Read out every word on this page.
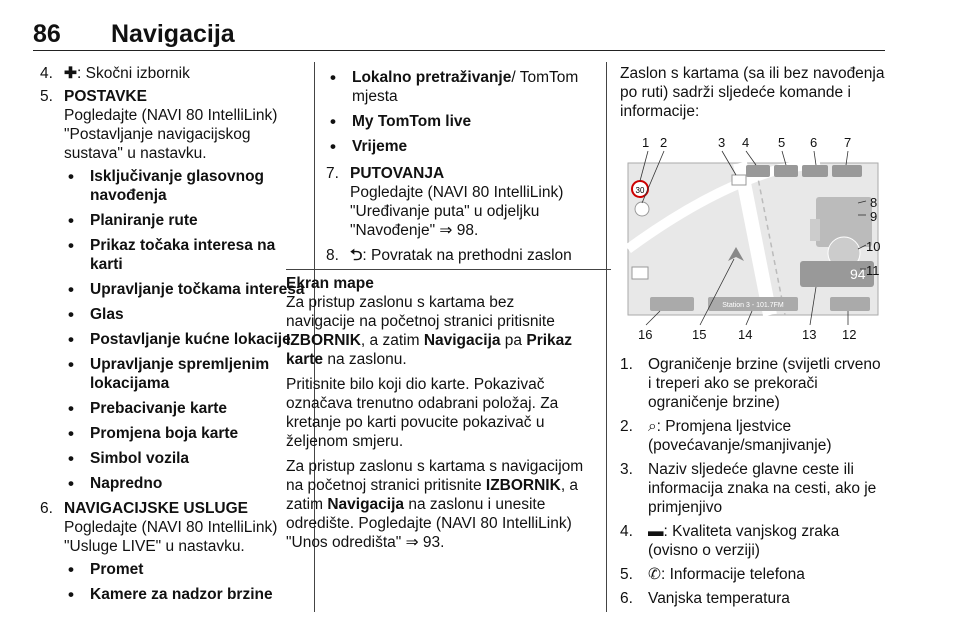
86 Navigacija
4. ✚: Skočni izbornik
5. POSTAVKE
Pogledajte (NAVI 80 IntelliLink) "Postavljanje navigacijskog sustava" u nastavku.
• Isključivanje glasovnog navođenja
• Planiranje rute
• Prikaz točaka interesa na karti
• Upravljanje točkama interesa
• Glas
• Postavljanje kućne lokacije
• Upravljanje spremljenim lokacijama
• Prebacivanje karte
• Promjena boja karte
• Simbol vozila
• Napredno
6. NAVIGACIJSKE USLUGE
Pogledajte (NAVI 80 IntelliLink) "Usluge LIVE" u nastavku.
• Promet
• Kamere za nadzor brzine
• Lokalno pretraživanje/ TomTom mjesta
• My TomTom live
• Vrijeme
7. PUTOVANJA
Pogledajte (NAVI 80 IntelliLink) "Uređivanje puta" u odjeljku "Navođenje" ⇒ 98.
8. ⮌: Povratak na prethodni zaslon
Ekran mape
Za pristup zaslonu s kartama bez navigacije na početnoj stranici pritisnite IZBORNIK, a zatim Navigacija pa Prikaz karte na zaslonu.
Pritisnite bilo koji dio karte. Pokazivač označava trenutno odabrani položaj. Za kretanje po karti povucite pokazivač u željenom smjeru.
Za pristup zaslonu s kartama s navigacijom na početnoj stranici pritisnite IZBORNIK, a zatim Navigacija na zaslonu i unesite odredište. Pogledajte (NAVI 80 IntelliLink) "Unos odredišta" ⇒ 93.
Zaslon s kartama (sa ili bez navođenja po ruti) sadrži sljedeće komande i informacije:
30
94
Station 3 - 101.7FM
1 2	3 4 5 6 7
8
9
10
11
16	15 14	13 12
1. Ograničenje brzine (svijetli crveno i treperi ako se prekorači ograničenje brzine)
2. ⌕: Promjena ljestvice (povećavanje/smanjivanje)
3. Naziv sljedeće glavne ceste ili informacija znaka na cesti, ako je primjenjivo
4. ▬: Kvaliteta vanjskog zraka (ovisno o verziji)
5. ✆: Informacije telefona
6. Vanjska temperatura
